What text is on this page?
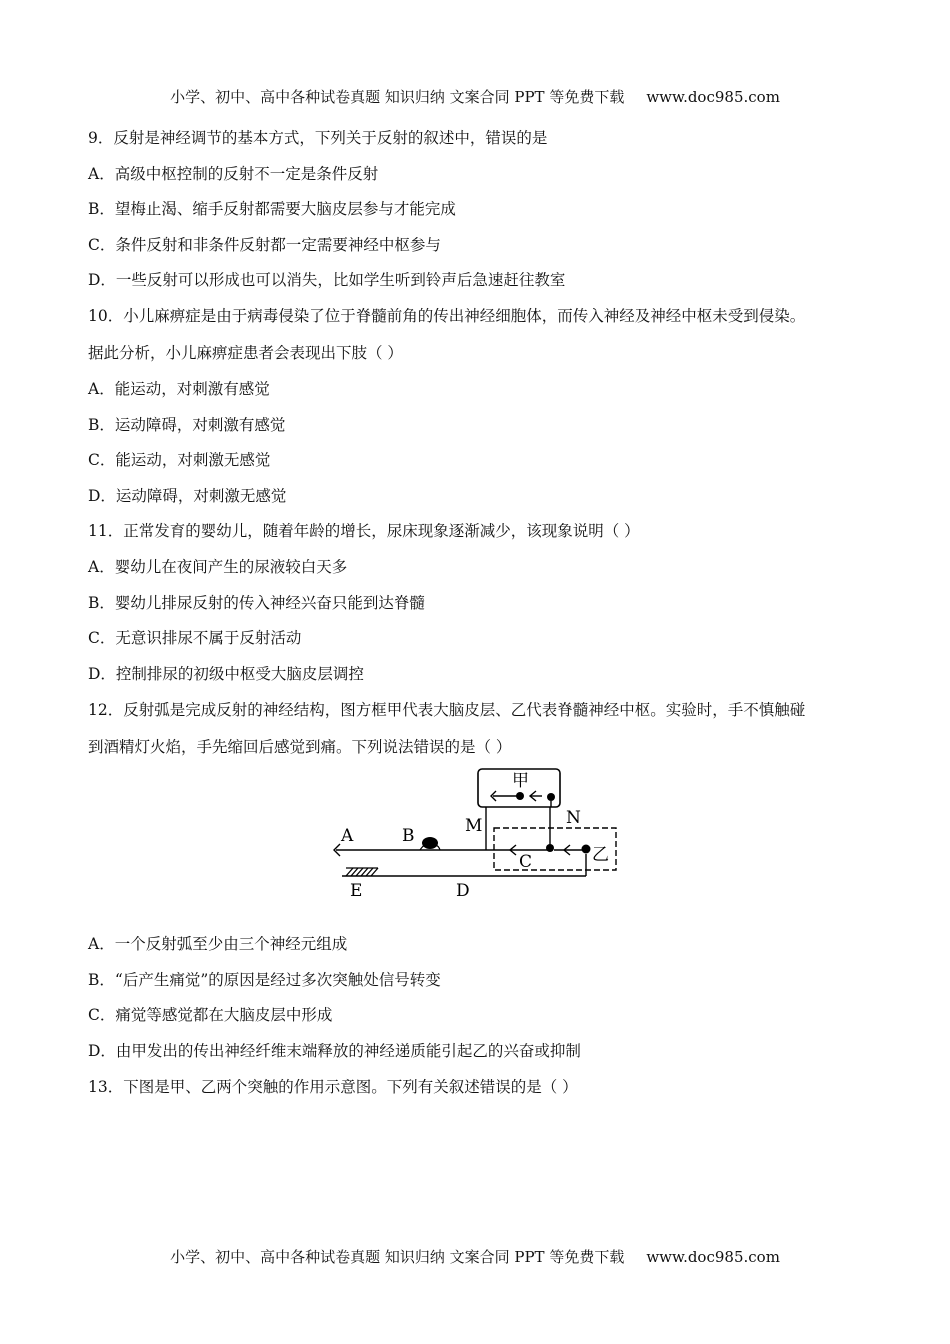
小学、初中、高中各种试卷真题 知识归纳 文案合同 PPT 等免费下载 www.doc985.com
9．反射是神经调节的基本方式，下列关于反射的叙述中，错误的是
A．高级中枢控制的反射不一定是条件反射
B．望梅止渴、缩手反射都需要大脑皮层参与才能完成
C．条件反射和非条件反射都一定需要神经中枢参与
D．一些反射可以形成也可以消失，比如学生听到铃声后急速赶往教室
10．小儿麻痹症是由于病毒侵染了位于脊髓前角的传出神经细胞体，而传入神经及神经中枢未受到侵染。
据此分析，小儿麻痹症患者会表现出下肢（ ）
A．能运动，对刺激有感觉
B．运动障碍，对刺激有感觉
C．能运动，对刺激无感觉
D．运动障碍，对刺激无感觉
11．正常发育的婴幼儿，随着年龄的增长，尿床现象逐渐减少，该现象说明（ ）
A．婴幼儿在夜间产生的尿液较白天多
B．婴幼儿排尿反射的传入神经兴奋只能到达脊髓
C．无意识排尿不属于反射活动
D．控制排尿的初级中枢受大脑皮层调控
12．反射弧是完成反射的神经结构，图方框甲代表大脑皮层、乙代表脊髓神经中枢。实验时，手不慎触碰
到酒精灯火焰，手先缩回后感觉到痛。下列说法错误的是（ ）
甲
A	B	M	N
C	乙
E	D
A．一个反射弧至少由三个神经元组成
B．“后产生痛觉”的原因是经过多次突触处信号转变
C．痛觉等感觉都在大脑皮层中形成
D．由甲发出的传出神经纤维末端释放的神经递质能引起乙的兴奋或抑制
13．下图是甲、乙两个突触的作用示意图。下列有关叙述错误的是（ ）
小学、初中、高中各种试卷真题 知识归纳 文案合同 PPT 等免费下载 www.doc985.com
